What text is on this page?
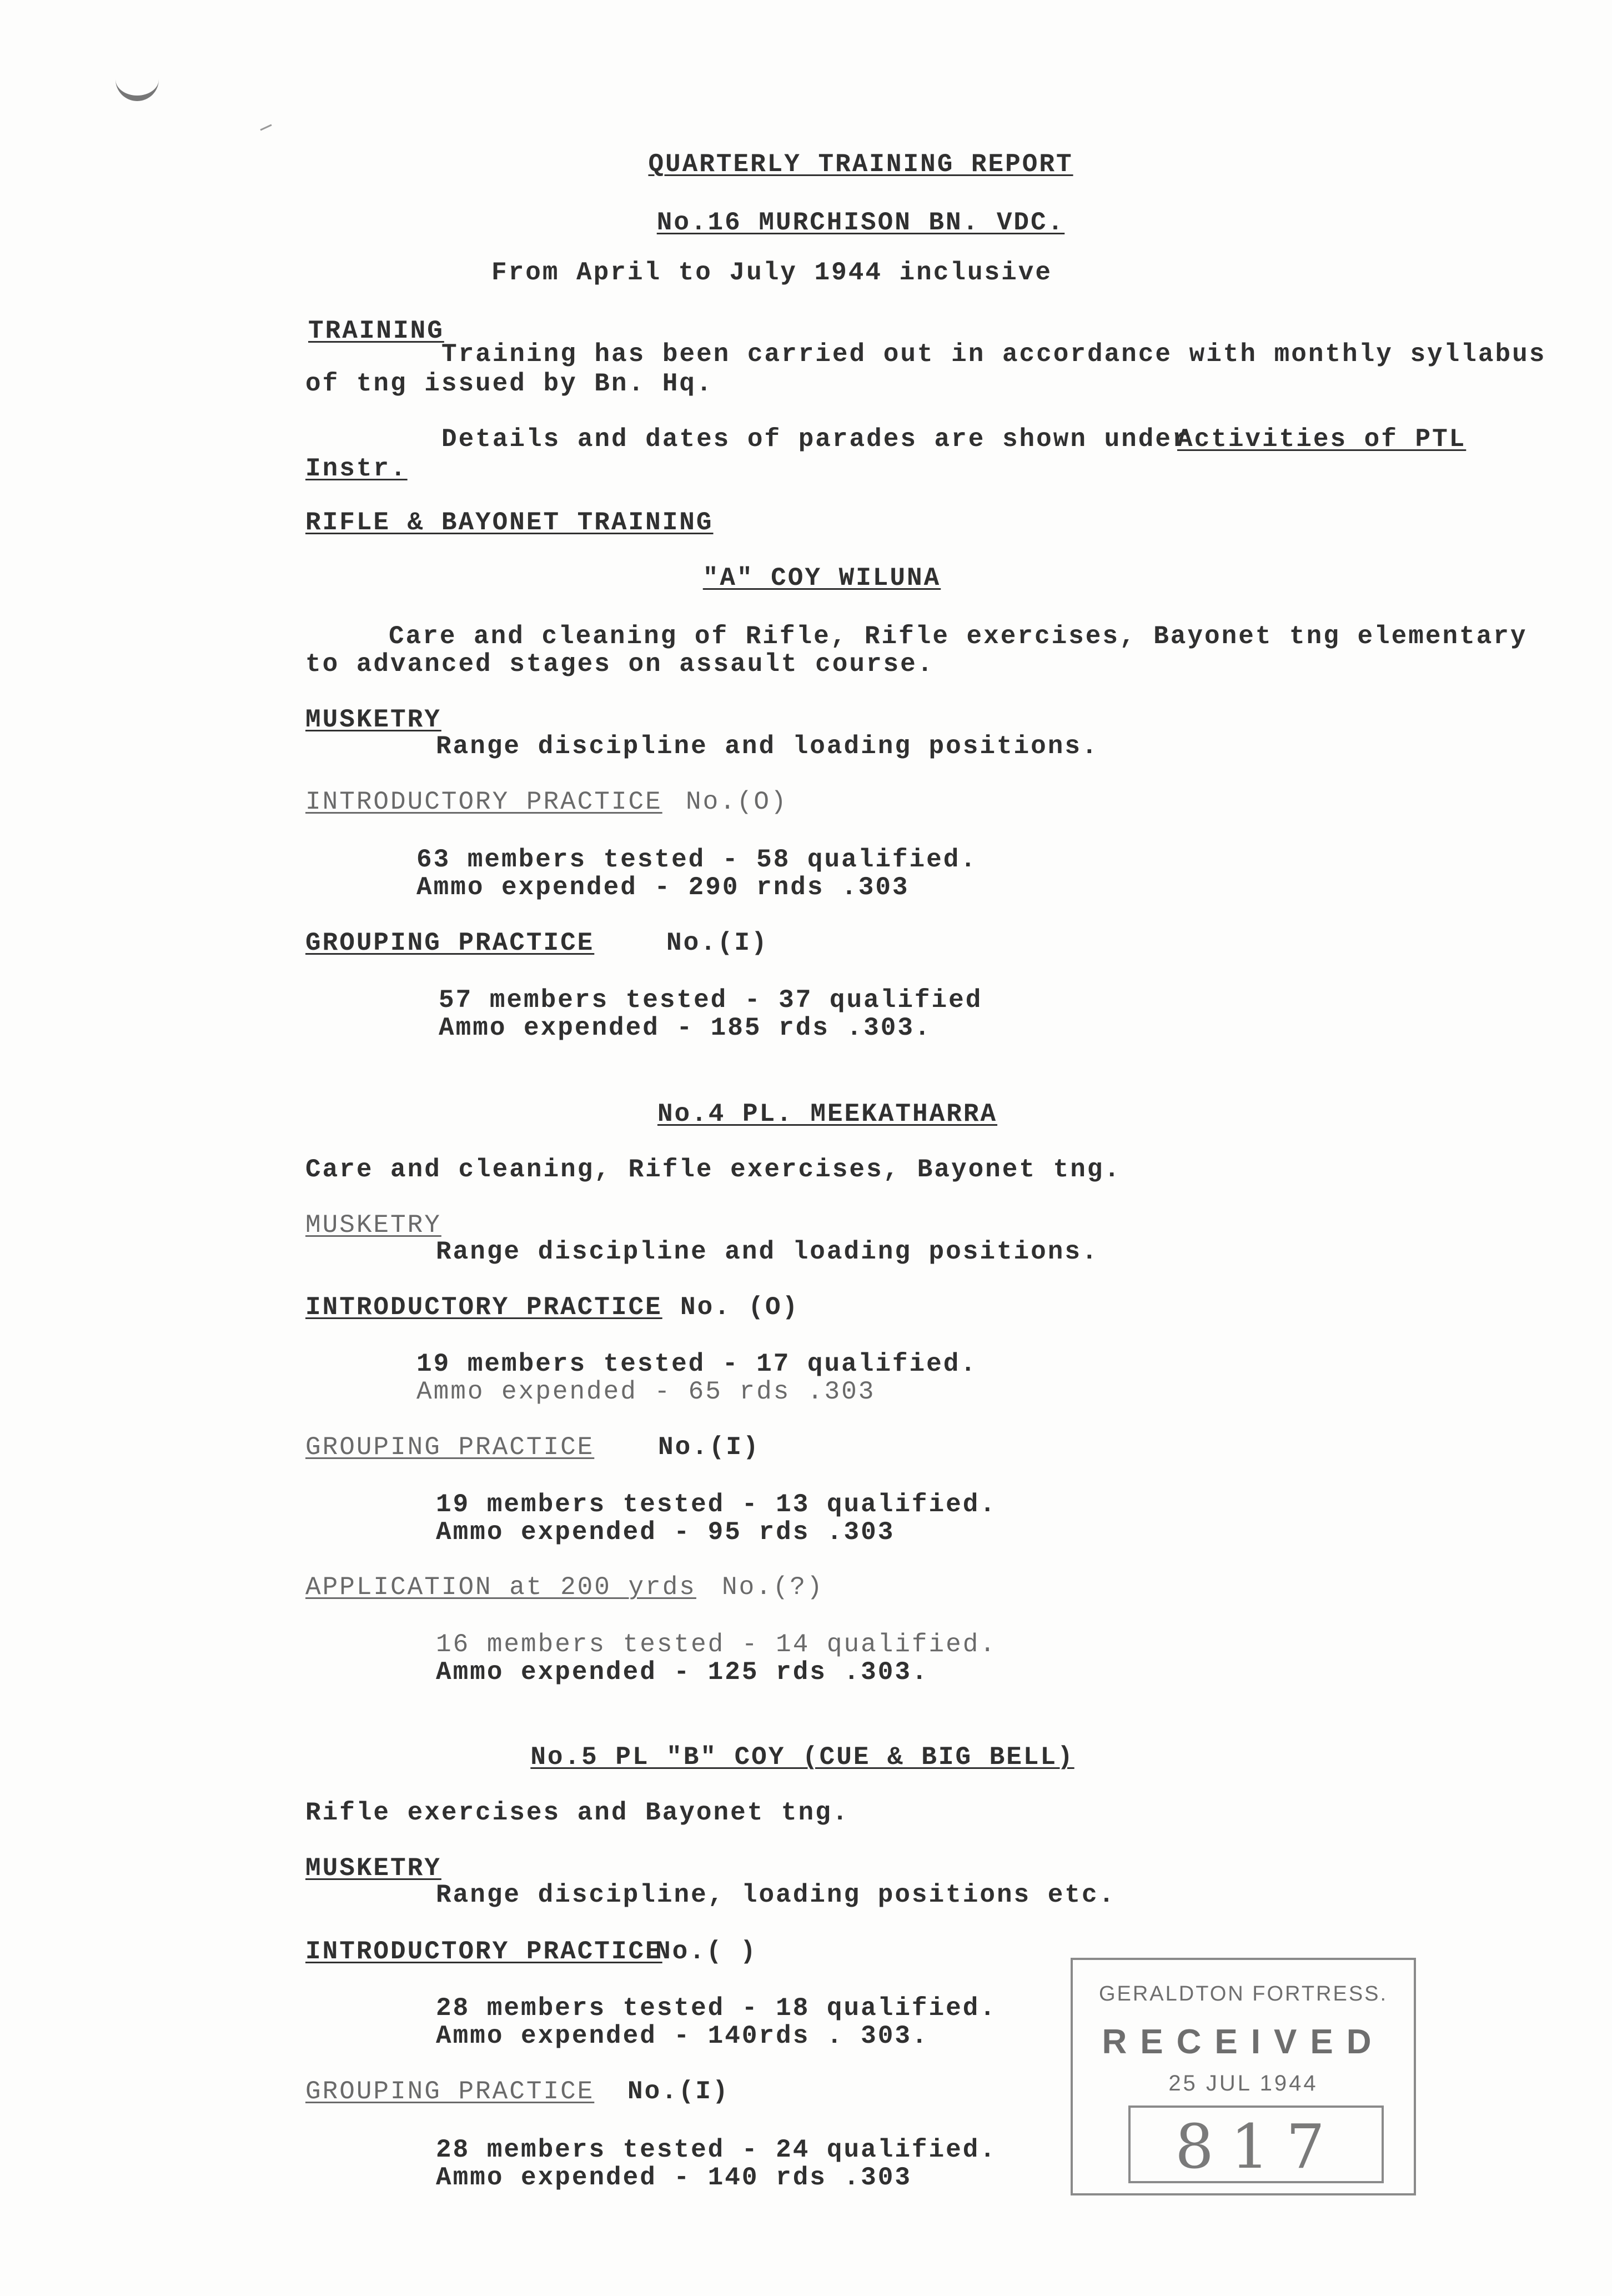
QUARTERLY TRAINING REPORT
No.16 MURCHISON BN. VDC.
From April to July 1944 inclusive
TRAINING
Training has been carried out in accordance with monthly syllabus
of tng issued by Bn. Hq.
Details and dates of parades are shown under
Activities of PTL
Instr.
RIFLE & BAYONET TRAINING
"A" COY WILUNA
Care and cleaning of Rifle, Rifle exercises, Bayonet tng elementary
to advanced stages on assault course.
MUSKETRY
Range discipline and loading positions.
INTRODUCTORY PRACTICE No.(O)
63 members tested - 58 qualified.
Ammo expended - 290 rnds .303
GROUPING PRACTICE	No.(I)
57 members tested - 37 qualified
Ammo expended - 185 rds .303.
No.4 PL. MEEKATHARRA
Care and cleaning, Rifle exercises, Bayonet tng.
MUSKETRY
Range discipline and loading positions.
INTRODUCTORY PRACTICE No. (O)
19 members tested - 17 qualified.
Ammo expended - 65 rds .303
GROUPING PRACTICE No.(I)
19 members tested - 13 qualified.
Ammo expended - 95 rds .303
APPLICATION at 200 yrds No.(?)
16 members tested - 14 qualified.
Ammo expended - 125 rds .303.
No.5 PL "B" COY (CUE & BIG BELL)
Rifle exercises and Bayonet tng.
MUSKETRY
Range discipline, loading positions etc.
INTRODUCTORY PRACTICE
No.( )
28 members tested - 18 qualified.
Ammo expended - 140rds . 303.
GROUPING PRACTICE No.(I)
28 members tested - 24 qualified.
Ammo expended - 140 rds .303
GERALDTON FORTRESS.
RECEIVED
25 JUL 1944
817
